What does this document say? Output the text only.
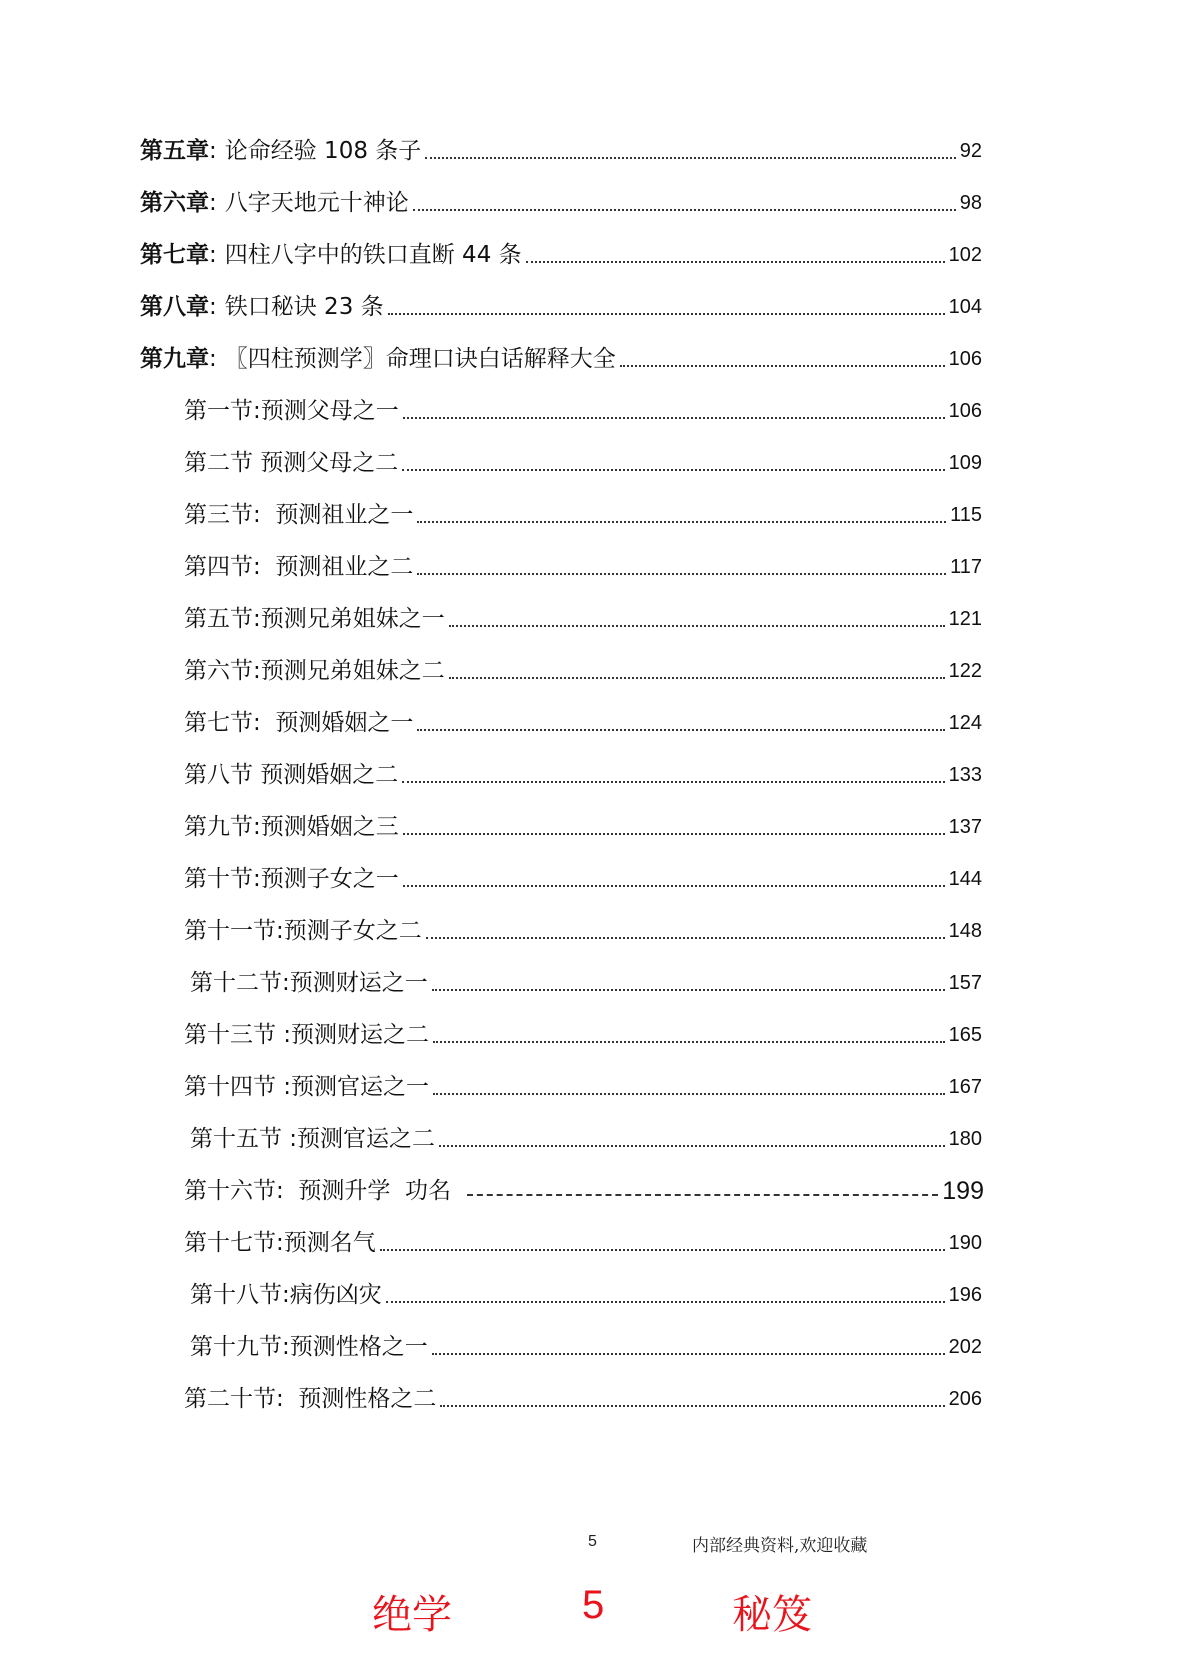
第五章 : 论命经验 108 条子	92
第六章 : 八字天地元十神论	98
第七章 : 四柱八字中的铁口直断 44 条	102
第八章 : 铁口秘诀 23 条	104
第九章 : 〖四柱预测学〗命理口诀白话解释大全	106
第一节:预测父母之一	106
第二节 预测父母之二	109
第三节:  预测祖业之一	115
第四节:  预测祖业之二	117
第五节:预测兄弟姐妹之一	121
第六节:预测兄弟姐妹之二	122
第七节:  预测婚姻之一	124
第八节 预测婚姻之二	133
第九节:预测婚姻之三	137
第十节:预测子女之一	144
第十一节:预测子女之二	148
第十二节:预测财运之一	157
第十三节 :预测财运之二	165
第十四节 :预测官运之一	167
第十五节 :预测官运之二	180
第十六节:  预测升学  功名	199
第十七节:预测名气	190
第十八节:病伤凶灾	196
第十九节:预测性格之一	202
第二十节:  预测性格之二	206
5	内部经典资料,欢迎收藏
绝学	5	秘笈
